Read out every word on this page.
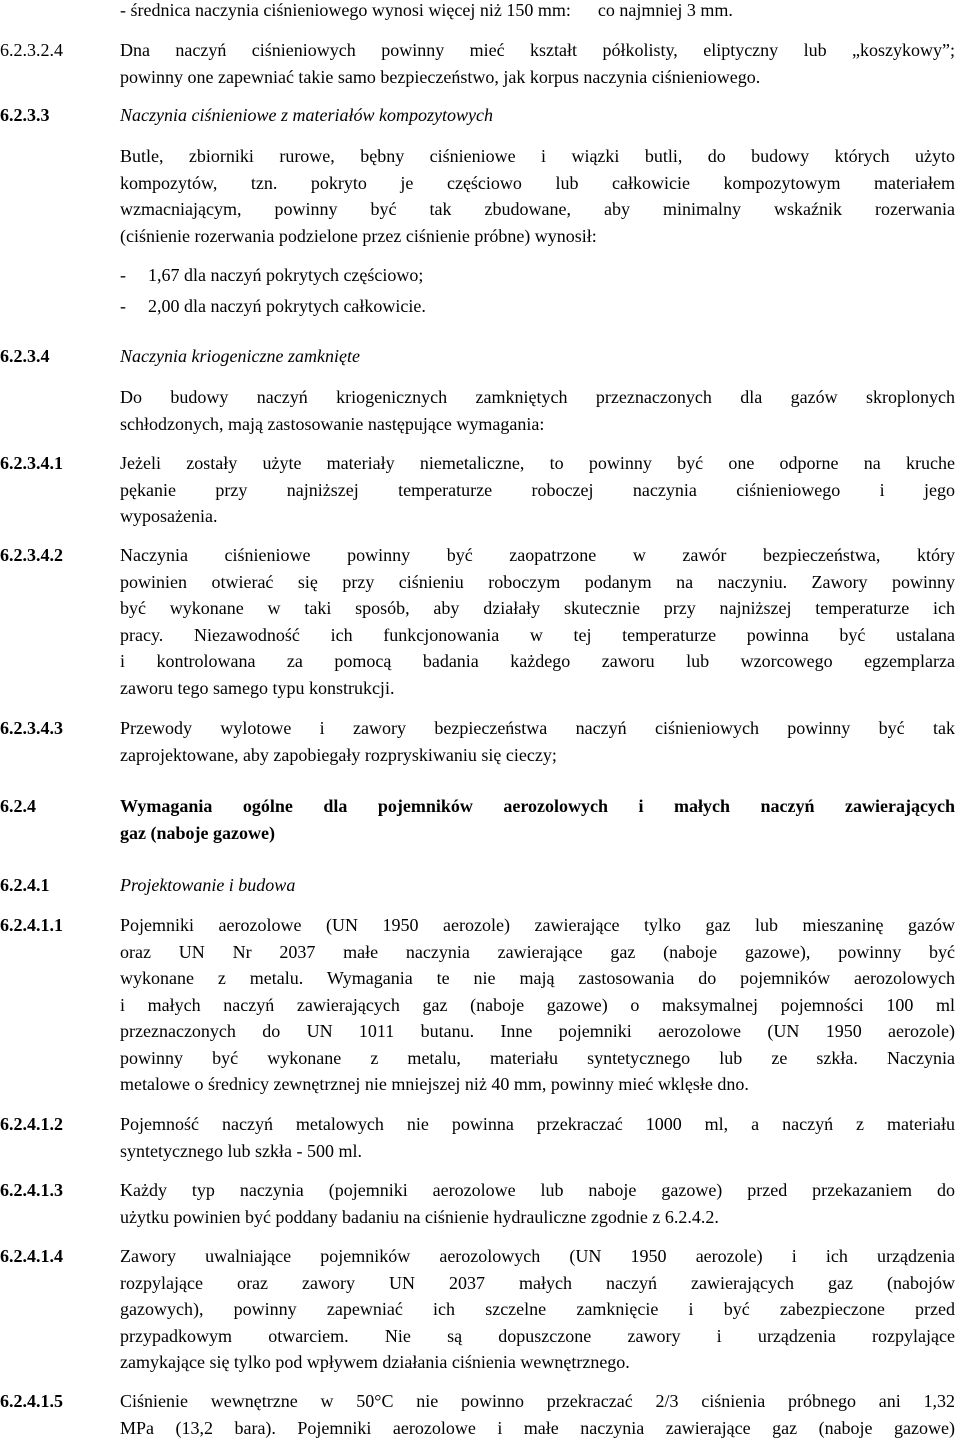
- średnica naczynia ciśnieniowego wynosi więcej niż 150 mm:      co najmniej 3 mm.
6.2.3.2.4	Dna naczyń ciśnieniowych powinny mieć kształt półkolisty, eliptyczny lub „koszykowy”;
powinny one zapewniać takie samo bezpieczeństwo, jak korpus naczynia ciśnieniowego.
6.2.3.3	Naczynia ciśnieniowe z materiałów kompozytowych
Butle, zbiorniki rurowe, bębny ciśnieniowe i wiązki butli, do budowy których użyto
kompozytów, tzn. pokryto je częściowo lub całkowicie kompozytowym materiałem
wzmacniającym, powinny być tak zbudowane, aby minimalny wskaźnik rozerwania
(ciśnienie rozerwania podzielone przez ciśnienie próbne) wynosił:
- 1,67 dla naczyń pokrytych częściowo;
- 2,00 dla naczyń pokrytych całkowicie.
6.2.3.4	Naczynia kriogeniczne zamknięte
Do budowy naczyń kriogenicznych zamkniętych przeznaczonych dla gazów skroplonych
schłodzonych, mają zastosowanie następujące wymagania:
6.2.3.4.1	Jeżeli zostały użyte materiały niemetaliczne, to powinny być one odporne na kruche
pękanie przy najniższej temperaturze roboczej naczynia ciśnieniowego i jego
wyposażenia.
6.2.3.4.2	Naczynia ciśnieniowe powinny być zaopatrzone w zawór bezpieczeństwa, który
powinien otwierać się przy ciśnieniu roboczym podanym na naczyniu. Zawory powinny
być wykonane w taki sposób, aby działały skutecznie przy najniższej temperaturze ich
pracy. Niezawodność ich funkcjonowania w tej temperaturze powinna być ustalana
i kontrolowana za pomocą badania każdego zaworu lub wzorcowego egzemplarza
zaworu tego samego typu konstrukcji.
6.2.3.4.3	Przewody wylotowe i zawory bezpieczeństwa naczyń ciśnieniowych powinny być tak
zaprojektowane, aby zapobiegały rozpryskiwaniu się cieczy;
6.2.4	Wymagania ogólne dla pojemników aerozolowych i małych naczyń zawierających
gaz (naboje gazowe)
6.2.4.1	Projektowanie i budowa
6.2.4.1.1	Pojemniki aerozolowe (UN 1950 aerozole) zawierające tylko gaz lub mieszaninę gazów
oraz UN Nr 2037 małe naczynia zawierające gaz (naboje gazowe), powinny być
wykonane z metalu. Wymagania te nie mają zastosowania do pojemników aerozolowych
i małych naczyń zawierających gaz (naboje gazowe) o maksymalnej pojemności 100 ml
przeznaczonych do UN 1011 butanu. Inne pojemniki aerozolowe (UN 1950 aerozole)
powinny być wykonane z metalu, materiału syntetycznego lub ze szkła. Naczynia
metalowe o średnicy zewnętrznej nie mniejszej niż 40 mm, powinny mieć wklęsłe dno.
6.2.4.1.2	Pojemność naczyń metalowych nie powinna przekraczać 1000 ml, a naczyń z materiału
syntetycznego lub szkła - 500 ml.
6.2.4.1.3	Każdy typ naczynia (pojemniki aerozolowe lub naboje gazowe) przed przekazaniem do
użytku powinien być poddany badaniu na ciśnienie hydrauliczne zgodnie z 6.2.4.2.
6.2.4.1.4	Zawory uwalniające pojemników aerozolowych (UN 1950 aerozole) i ich urządzenia
rozpylające oraz zawory UN 2037 małych naczyń zawierających gaz (nabojów
gazowych), powinny zapewniać ich szczelne zamknięcie i być zabezpieczone przed
przypadkowym otwarciem. Nie są dopuszczone zawory i urządzenia rozpylające
zamykające się tylko pod wpływem działania ciśnienia wewnętrznego.
6.2.4.1.5	Ciśnienie wewnętrzne w 50°C nie powinno przekraczać 2/3 ciśnienia próbnego ani 1,32
MPa (13,2 bara). Pojemniki aerozolowe i małe naczynia zawierające gaz (naboje gazowe)
